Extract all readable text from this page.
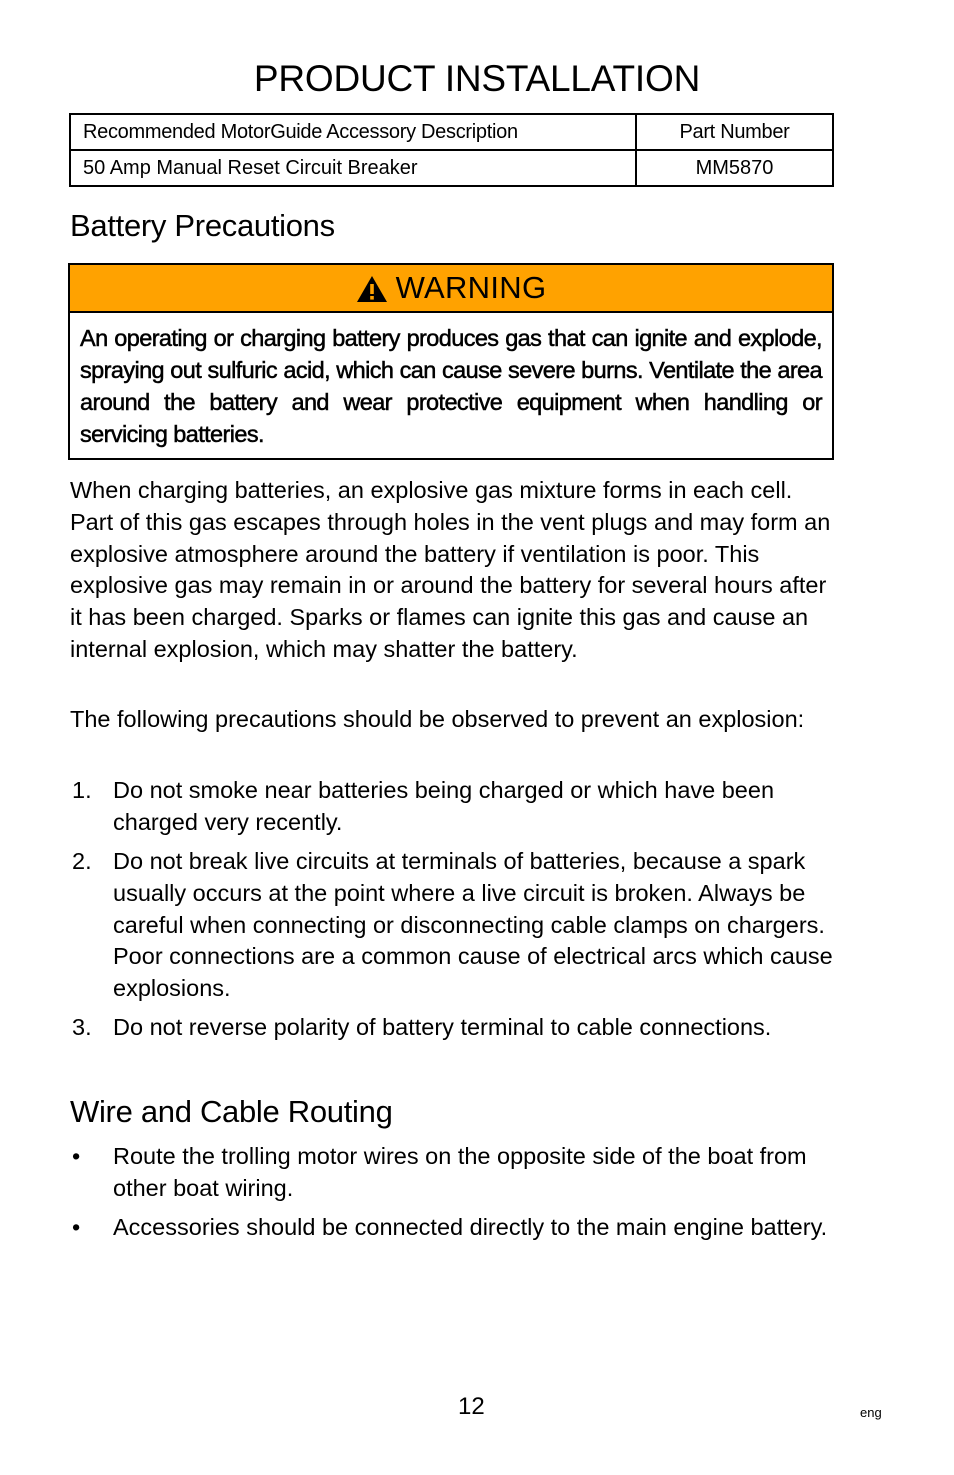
PRODUCT INSTALLATION
Recommended MotorGuide Accessory Description	Part Number
50 Amp Manual Reset Circuit Breaker	MM5870
Battery Precautions
WARNING
An operating or charging battery produces gas that can ignite and explode, spraying out sulfuric acid, which can cause severe burns. Ventilate the area around the battery and wear protective equipment when handling or servicing batteries.

When charging batteries, an explosive gas mixture forms in each cell. Part of this gas escapes through holes in the vent plugs and may form an explosive atmosphere around the battery if ventilation is poor. This explosive gas may remain in or around the battery for several hours after it has been charged. Sparks or flames can ignite this gas and cause an internal explosion, which may shatter the battery.

The following precautions should be observed to prevent an explosion:

1. Do not smoke near batteries being charged or which have been charged very recently.
2. Do not break live circuits at terminals of batteries, because a spark usually occurs at the point where a live circuit is broken. Always be careful when connecting or disconnecting cable clamps on chargers. Poor connections are a common cause of electrical arcs which cause explosions.
3. Do not reverse polarity of battery terminal to cable connections.
Wire and Cable Routing
• Route the trolling motor wires on the opposite side of the boat from other boat wiring.
• Accessories should be connected directly to the main engine battery.
12	eng
